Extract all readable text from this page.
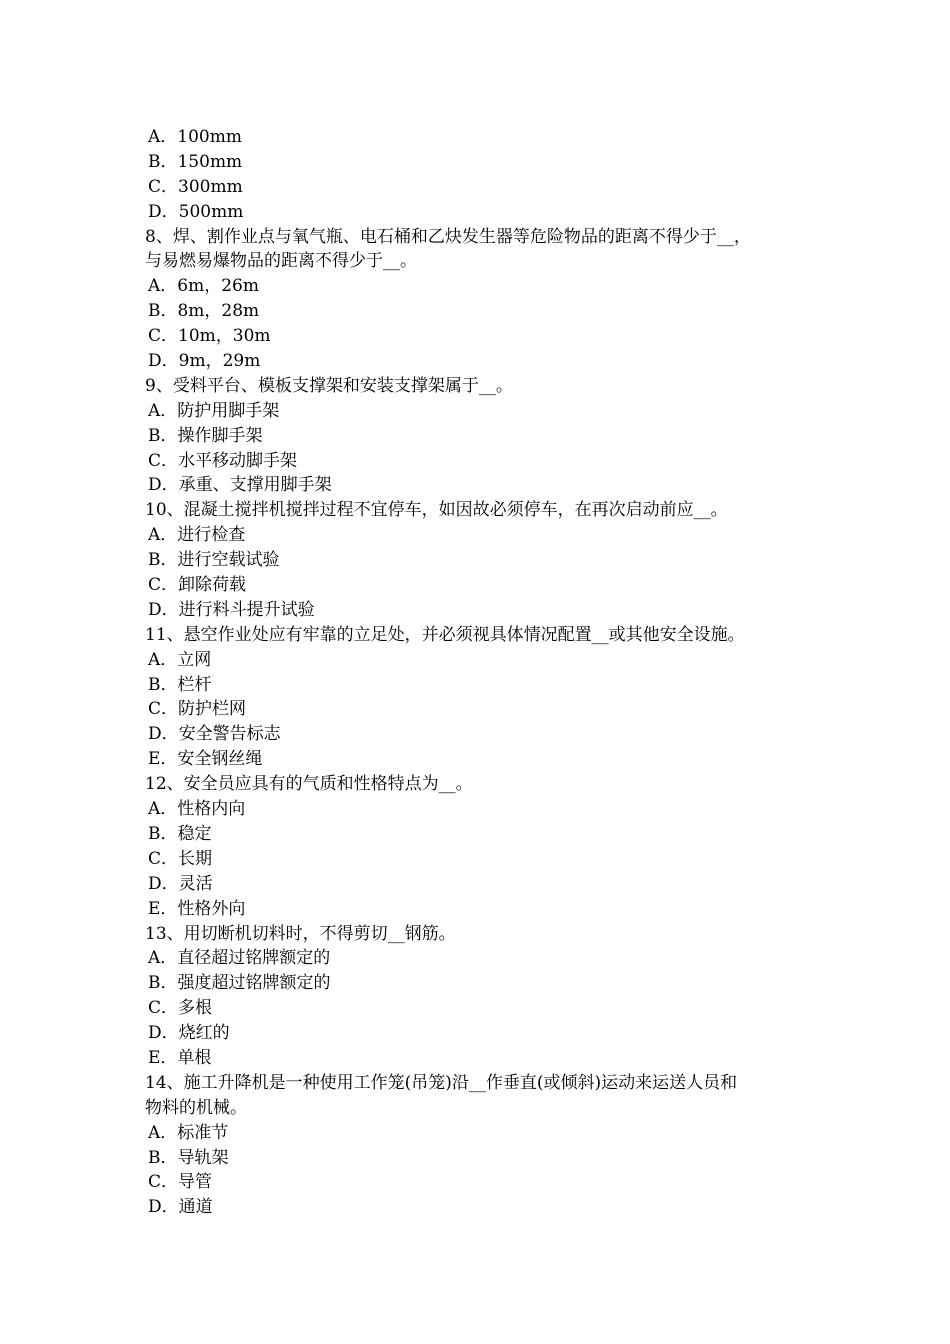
A．100mm
B．150mm
C．300mm
D．500mm
8、焊、割作业点与氧气瓶、电石桶和乙炔发生器等危险物品的距离不得少于__，
与易燃易爆物品的距离不得少于__。
A．6m，26m
B．8m，28m
C．10m，30m
D．9m，29m
9、受料平台、模板支撑架和安装支撑架属于__。
A．防护用脚手架
B．操作脚手架
C．水平移动脚手架
D．承重、支撑用脚手架
10、混凝土搅拌机搅拌过程不宜停车，如因故必须停车，在再次启动前应__。
A．进行检查
B．进行空载试验
C．卸除荷载
D．进行料斗提升试验
11、悬空作业处应有牢靠的立足处，并必须视具体情况配置__或其他安全设施。
A．立网
B．栏杆
C．防护栏网
D．安全警告标志
E．安全钢丝绳
12、安全员应具有的气质和性格特点为__。
A．性格内向
B．稳定
C．长期
D．灵活
E．性格外向
13、用切断机切料时，不得剪切__钢筋。
A．直径超过铭牌额定的
B．强度超过铭牌额定的
C．多根
D．烧红的
E．单根
14、施工升降机是一种使用工作笼(吊笼)沿__作垂直(或倾斜)运动来运送人员和
物料的机械。
A．标准节
B．导轨架
C．导管
D．通道
